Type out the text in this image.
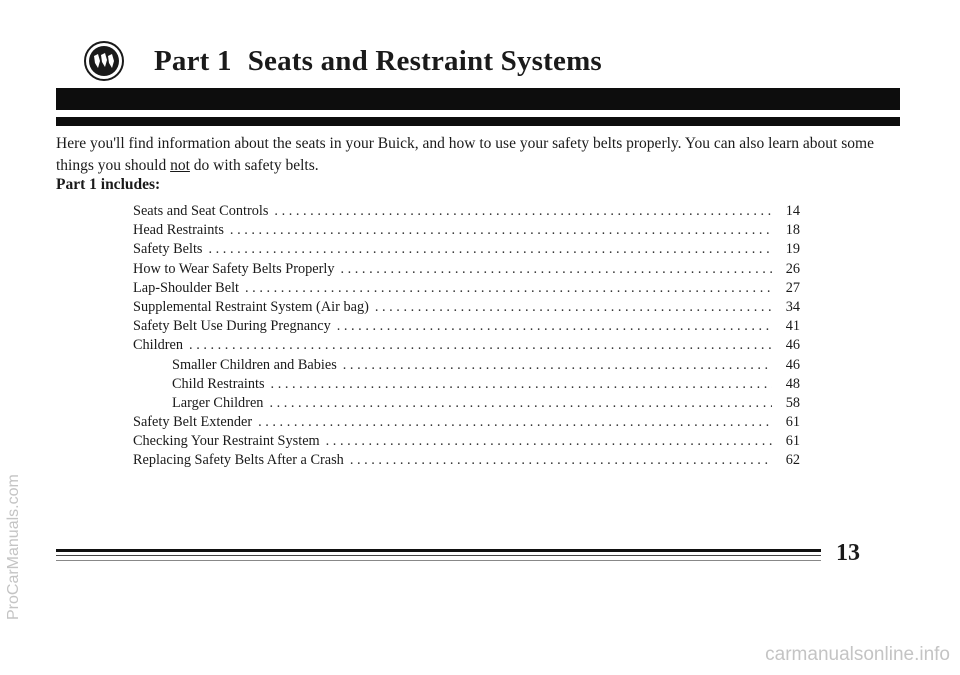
Part 1 Seats and Restraint Systems

Here you'll find information about the seats in your Buick, and how to use your safety belts properly. You can also learn about some things you should not do with safety belts.

Part 1 includes:
Seats and Seat Controls . . .	14
Head Restraints . . .	18
Safety Belts . . .	19
How to Wear Safety Belts Properly . . .	26
Lap-Shoulder Belt . . .	27
Supplemental Restraint System (Air bag) . . .	34
Safety Belt Use During Pregnancy . . .	41
Children . . .	46
Smaller Children and Babies . . .	46
Child Restraints . . .	48
Larger Children . . .	58
Safety Belt Extender . . .	61
Checking Your Restraint System . . .	61
Replacing Safety Belts After a Crash . . .	62
13
ProCarManuals.com
carmanualsonline.info
